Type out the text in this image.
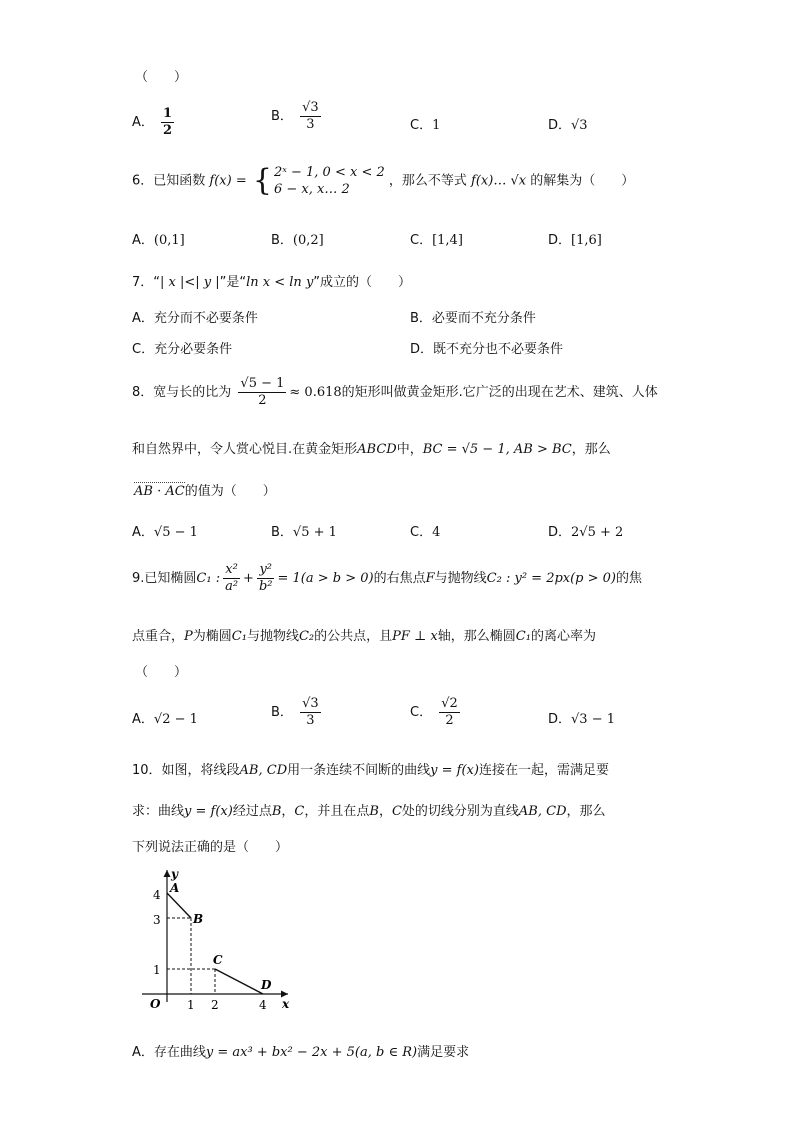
（　　）
A． $\frac{1}{2}$	B． $\frac{√3}{3}$	C．1	D．√3
6．已知函数 f(x) = { 2ˣ − 1, 0 < x < 2
6 − x, x… 2
，那么不等式 f(x)… √x 的解集为（　　）
A．(0,1]	B．(0,2]	C．[1,4]	D．[1,6]
7．“| x |<| y |”是“ln x < ln y”成立的（　　）
A．充分而不必要条件	B．必要而不充分条件
C．充分必要条件	D．既不充分也不必要条件
8．宽与长的比为 $\frac{√5 - 1}{2} \approx 0.618$的矩形叫做黄金矩形.它广泛的出现在艺术、建筑、人体
和自然界中，令人赏心悦目.在黄金矩形ABCD中，BC = √5 − 1, AB > BC，那么
AB · AC的值为（　　）
A．√5 − 1	B．√5 + 1	C．4	D．2√5 + 2
9.已知椭圆C₁ : $\frac{\text{x²}}{\text{a²}} + \frac{\text{y²}}{\text{b²}} = 1(a > b > 0)$的右焦点F与抛物线C₂ : y² = 2px(p > 0)的焦
点重合，P为椭圆C₁与抛物线C₂的公共点，且PF ⊥ x轴，那么椭圆C₁的离心率为
（　　）
A．√2 − 1	B． $\frac{√3}{3}$	C． $\frac{√2}{2}$	D．√3 − 1
10．如图，将线段AB, CD用一条连续不间断的曲线y = f(x)连接在一起，需满足要
求：曲线y = f(x)经过点B，C，并且在点B，C处的切线分别为直线AB, CD，那么
下列说法正确的是（　　）
y
x
O
4
3
1
1 2	4
A
B
C
D
A．存在曲线y = ax³ + bx² − 2x + 5(a, b ∈ R)满足要求
